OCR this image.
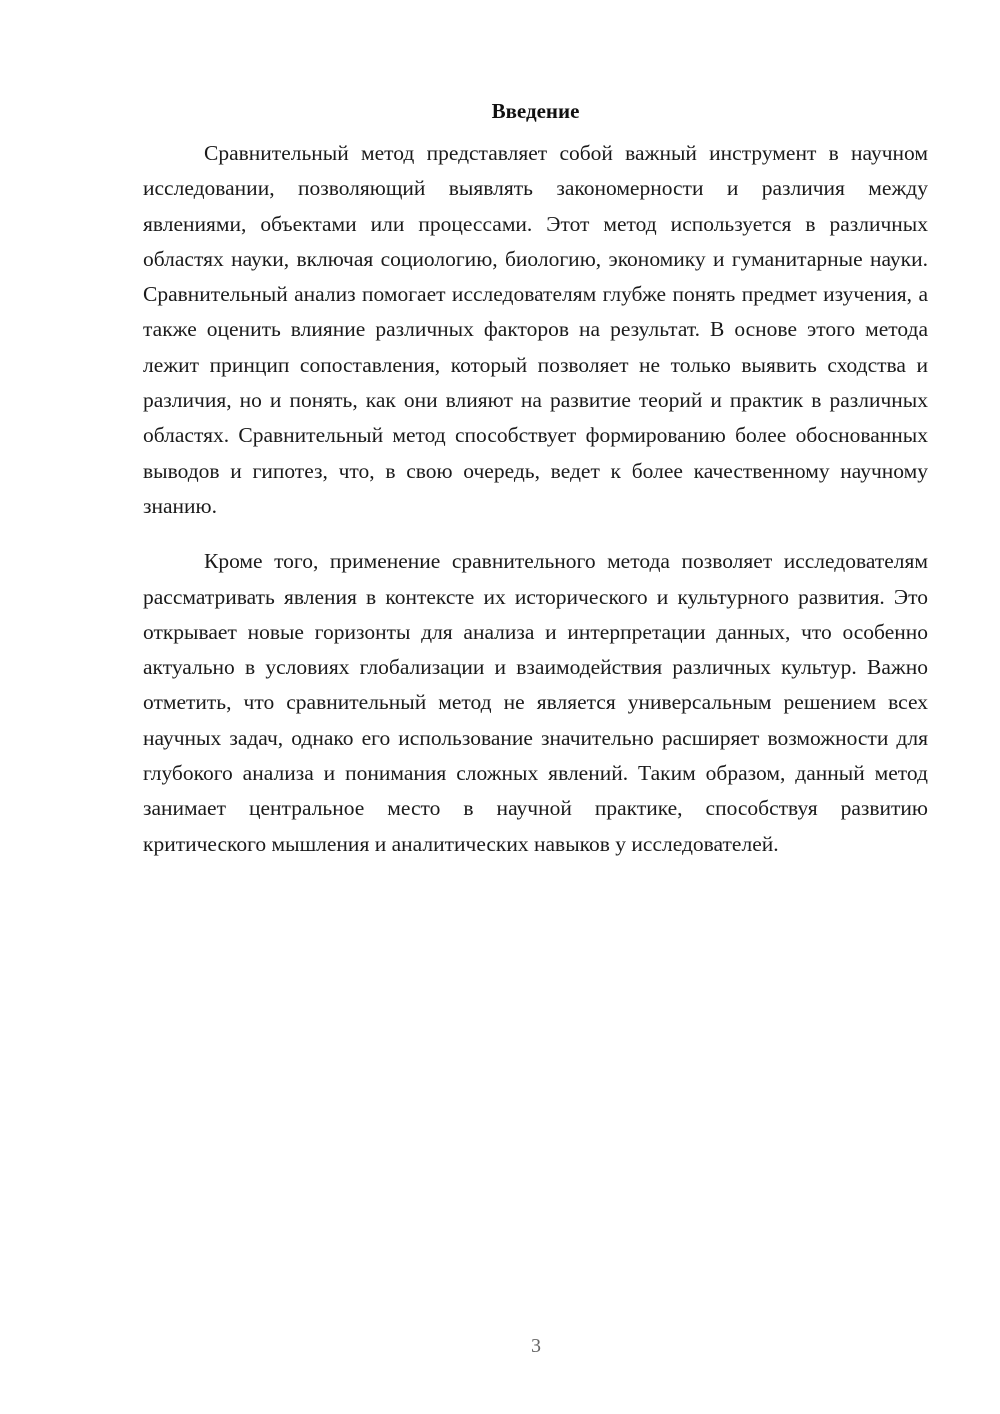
Введение

Сравнительный метод представляет собой важный инструмент в научном исследовании, позволяющий выявлять закономерности и различия между явлениями, объектами или процессами. Этот метод используется в различных областях науки, включая социологию, биологию, экономику и гуманитарные науки. Сравнительный анализ помогает исследователям глубже понять предмет изучения, а также оценить влияние различных факторов на результат. В основе этого метода лежит принцип сопоставления, который позволяет не только выявить сходства и различия, но и понять, как они влияют на развитие теорий и практик в различных областях. Сравнительный метод способствует формированию более обоснованных выводов и гипотез, что, в свою очередь, ведет к более качественному научному знанию.

Кроме того, применение сравнительного метода позволяет исследователям рассматривать явления в контексте их исторического и культурного развития. Это открывает новые горизонты для анализа и интерпретации данных, что особенно актуально в условиях глобализации и взаимодействия различных культур. Важно отметить, что сравнительный метод не является универсальным решением всех научных задач, однако его использование значительно расширяет возможности для глубокого анализа и понимания сложных явлений. Таким образом, данный метод занимает центральное место в научной практике, способствуя развитию критического мышления и аналитических навыков у исследователей.

3
